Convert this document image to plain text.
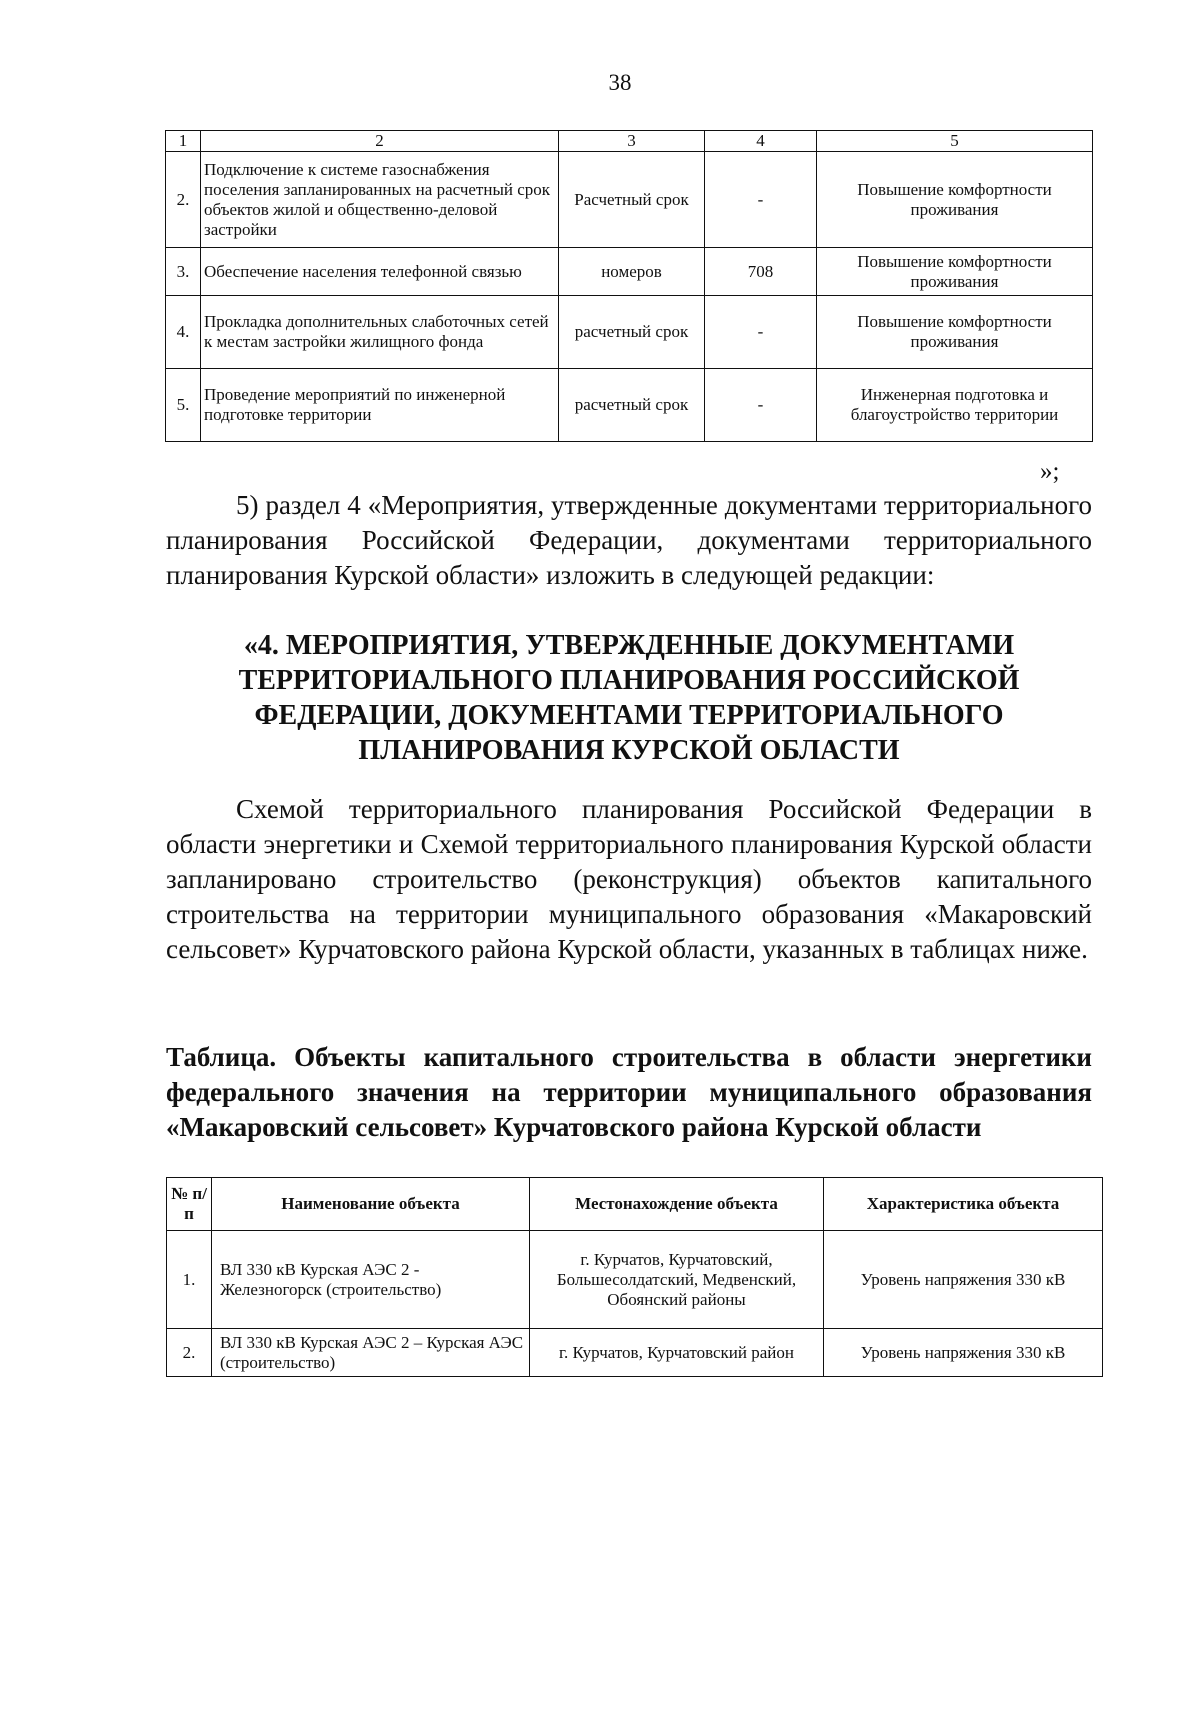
38
1	2	3	4	5
2.	Подключение к системе газоснабжения поселения запланированных на расчетный срок объектов жилой и общественно-деловой застройки	Расчетный срок	-	Повышение комфортности проживания
3.	Обеспечение населения телефонной связью	номеров	708	Повышение комфортности проживания
4.	Прокладка дополнительных слаботочных сетей к местам застройки жилищного фонда	расчетный срок	-	Повышение комфортности проживания
5.	Проведение мероприятий по инженерной подготовке территории	расчетный срок	-	Инженерная подготовка и благоустройство территории
»;
5) раздел 4 «Мероприятия, утвержденные документами территориального планирования Российской Федерации, документами территориального планирования Курской области» изложить в следующей редакции:
«4. МЕРОПРИЯТИЯ, УТВЕРЖДЕННЫЕ ДОКУМЕНТАМИ ТЕРРИТОРИАЛЬНОГО ПЛАНИРОВАНИЯ РОССИЙСКОЙ ФЕДЕРАЦИИ, ДОКУМЕНТАМИ ТЕРРИТОРИАЛЬНОГО ПЛАНИРОВАНИЯ КУРСКОЙ ОБЛАСТИ
Схемой территориального планирования Российской Федерации в области энергетики и Схемой территориального планирования Курской области запланировано строительство (реконструкция) объектов капитального строительства на территории муниципального образования «Макаровский сельсовет» Курчатовского района Курской области, указанных в таблицах ниже.
Таблица. Объекты капитального строительства в области энергетики федерального значения на территории муниципального образования «Макаровский сельсовет» Курчатовского района Курской области
№ п/п	Наименование объекта	Местонахождение объекта	Характеристика объекта
1.	ВЛ 330 кВ Курская АЭС 2 - Железногорск (строительство)	г. Курчатов, Курчатовский, Большесолдатский, Медвенский, Обоянский районы	Уровень напряжения 330 кВ
2.	ВЛ 330 кВ Курская АЭС 2 – Курская АЭС (строительство)	г. Курчатов, Курчатовский район	Уровень напряжения 330 кВ
